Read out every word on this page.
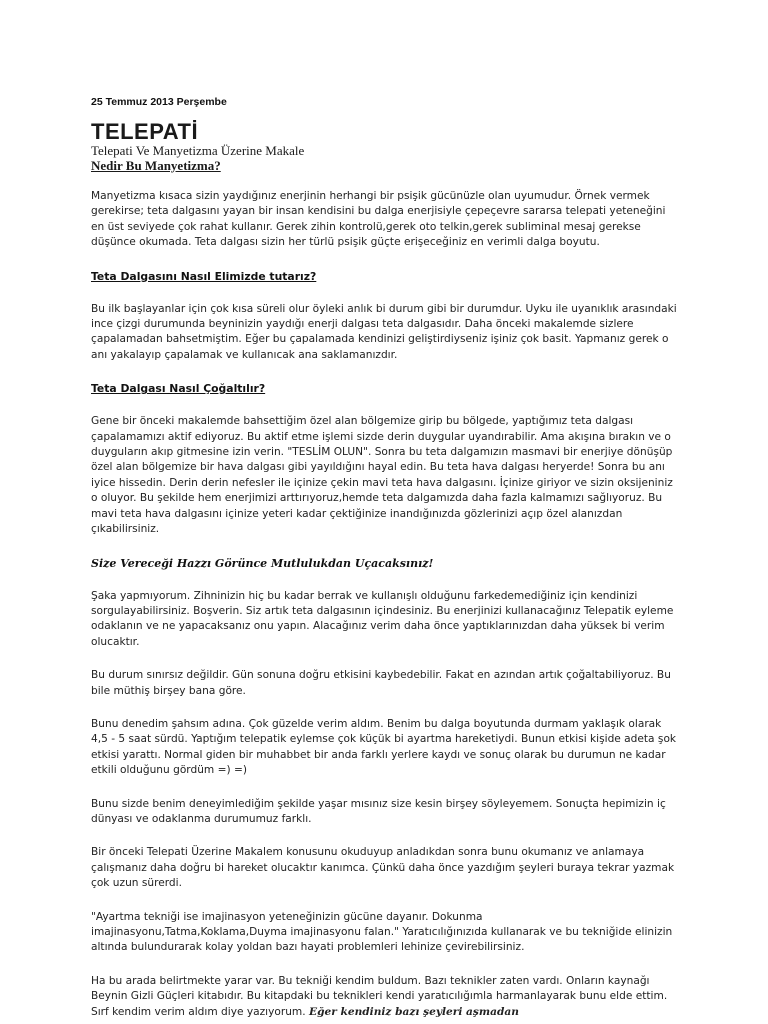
25 Temmuz 2013 Perşembe

TELEPATİ

Telepati Ve Manyetizma Üzerine Makale

Nedir Bu Manyetizma?

Manyetizma kısaca sizin yaydığınız enerjinin herhangi bir psişik gücünüzle olan uyumudur. Örnek vermek gerekirse; teta dalgasını yayan bir insan kendisini bu dalga enerjisiyle çepeçevre sararsa telepati yeteneğini en üst seviyede çok rahat kullanır. Gerek zihin kontrolü,gerek oto telkin,gerek subliminal mesaj gerekse düşünce okumada. Teta dalgası sizin her türlü psişik güçte erişeceğiniz en verimli dalga boyutu.

Teta Dalgasını Nasıl Elimizde tutarız?

Bu ilk başlayanlar için çok kısa süreli olur öyleki anlık bi durum gibi bir durumdur. Uyku ile uyanıklık arasındaki ince çizgi durumunda beyninizin yaydığı enerji dalgası teta dalgasıdır. Daha önceki makalemde sizlere çapalamadan bahsetmiştim. Eğer bu çapalamada kendinizi geliştirdiyseniz işiniz çok basit. Yapmanız gerek o anı yakalayıp çapalamak ve kullanıcak ana saklamanızdır.

Teta Dalgası Nasıl Çoğaltılır?

Gene bir önceki makalemde bahsettiğim özel alan bölgemize girip bu bölgede, yaptığımız teta dalgası çapalamamızı aktif ediyoruz. Bu aktif etme işlemi sizde derin duygular uyandırabilir. Ama akışına bırakın ve o duyguların akıp gitmesine izin verin. "TESLİM OLUN". Sonra bu teta dalgamızın masmavi bir enerjiye dönüşüp özel alan bölgemize bir hava dalgası gibi yayıldığını hayal edin. Bu teta hava dalgası heryerde! Sonra bu anı iyice hissedin. Derin derin nefesler ile içinize çekin mavi teta hava dalgasını. İçinize giriyor ve sizin oksijeniniz o oluyor. Bu şekilde hem enerjimizi arttırıyoruz,hemde teta dalgamızda daha fazla kalmamızı sağlıyoruz. Bu mavi teta hava dalgasını içinize yeteri kadar çektiğinize inandığınızda gözlerinizi açıp özel alanızdan çıkabilirsiniz.

Size Vereceği Hazzı Görünce Mutlulukdan Uçacaksınız!

Şaka yapmıyorum. Zihninizin hiç bu kadar berrak ve kullanışlı olduğunu farkedemediğiniz için kendinizi sorgulayabilirsiniz. Boşverin. Siz artık teta dalgasının içindesiniz. Bu enerjinizi kullanacağınız Telepatik eyleme odaklanın ve ne yapacaksanız onu yapın. Alacağınız verim daha önce yaptıklarınızdan daha yüksek bi verim olucaktır.

Bu durum sınırsız değildir. Gün sonuna doğru etkisini kaybedebilir. Fakat en azından artık çoğaltabiliyoruz. Bu bile müthiş birşey bana göre.

Bunu denedim şahsım adına. Çok güzelde verim aldım. Benim bu dalga boyutunda durmam yaklaşık olarak 4,5 - 5 saat sürdü. Yaptığım telepatik eylemse çok küçük bi ayartma hareketiydi. Bunun etkisi kişide adeta şok etkisi yarattı. Normal giden bir muhabbet bir anda farklı yerlere kaydı ve sonuç olarak bu durumun ne kadar etkili olduğunu gördüm =) =)

Bunu sizde benim deneyimlediğim şekilde yaşar mısınız size kesin birşey söyleyemem. Sonuçta hepimizin iç dünyası ve odaklanma durumumuz farklı.

Bir önceki Telepati Üzerine Makalem konusunu okuduyup anladıkdan sonra bunu okumanız ve anlamaya çalışmanız daha doğru bi hareket olucaktır kanımca. Çünkü daha önce yazdığım şeyleri buraya tekrar yazmak çok uzun sürerdi.

"Ayartma tekniği ise imajinasyon yeteneğinizin gücüne dayanır. Dokunma imajinasyonu,Tatma,Koklama,Duyma imajinasyonu falan." Yaratıcılığınızıda kullanarak ve bu tekniğide elinizin altında bulundurarak kolay yoldan bazı hayati problemleri lehinize çevirebilirsiniz.

Ha bu arada belirtmekte yarar var. Bu tekniği kendim buldum. Bazı teknikler zaten vardı. Onların kaynağı Beynin Gizli Güçleri kitabıdır. Bu kitapdaki bu teknikleri kendi yaratıcılığımla harmanlayarak bunu elde ettim. Sırf kendim verim aldım diye yazıyorum. Eğer kendiniz bazı şeyleri aşmadan
